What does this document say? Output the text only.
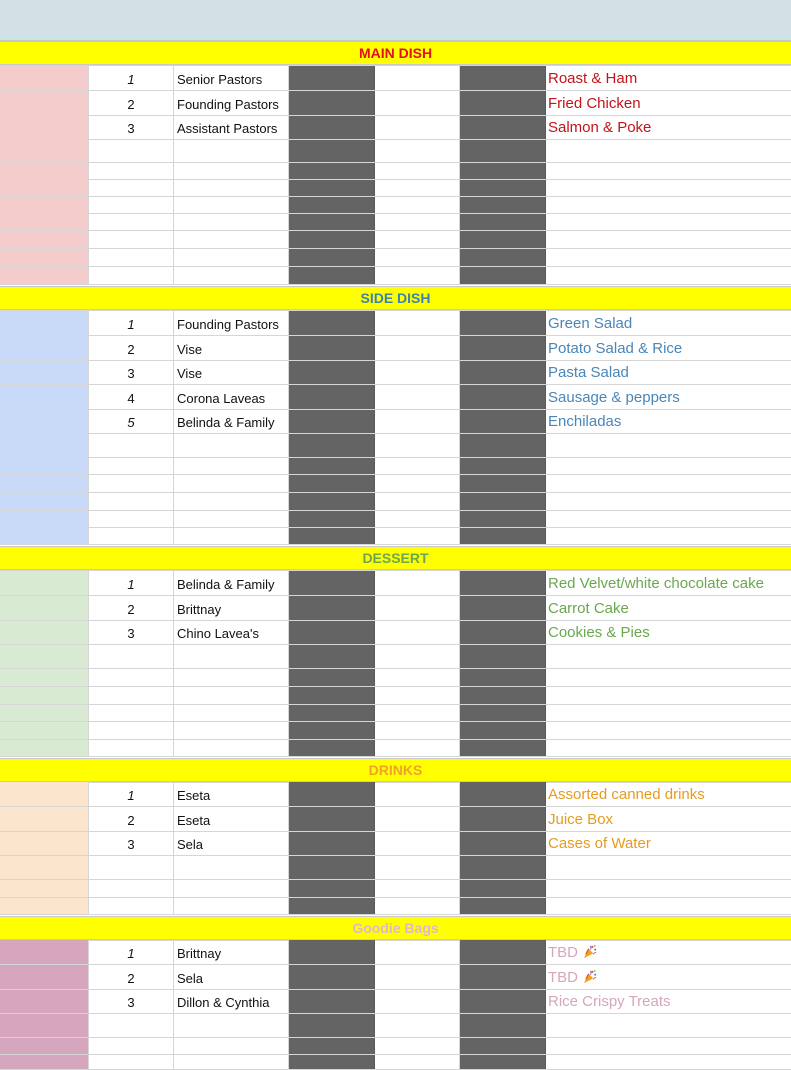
MAIN DISH
1	Senior Pastors	Roast & Ham
2	Founding Pastors	Fried Chicken
3	Assistant Pastors	Salmon & Poke
SIDE DISH
1	Founding Pastors	Green Salad
2	Vise	Potato Salad & Rice
3	Vise	Pasta Salad
4	Corona Laveas	Sausage & peppers
5	Belinda & Family	Enchiladas
DESSERT
1	Belinda & Family	Red Velvet/white chocolate cake
2	Brittnay	Carrot Cake
3	Chino Lavea's	Cookies & Pies
DRINKS
1	Eseta	Assorted canned drinks
2	Eseta	Juice Box
3	Sela	Cases of Water
Goodie Bags
1	Brittnay	TBD
2	Sela	TBD
3	Dillon & Cynthia	Rice Crispy Treats
